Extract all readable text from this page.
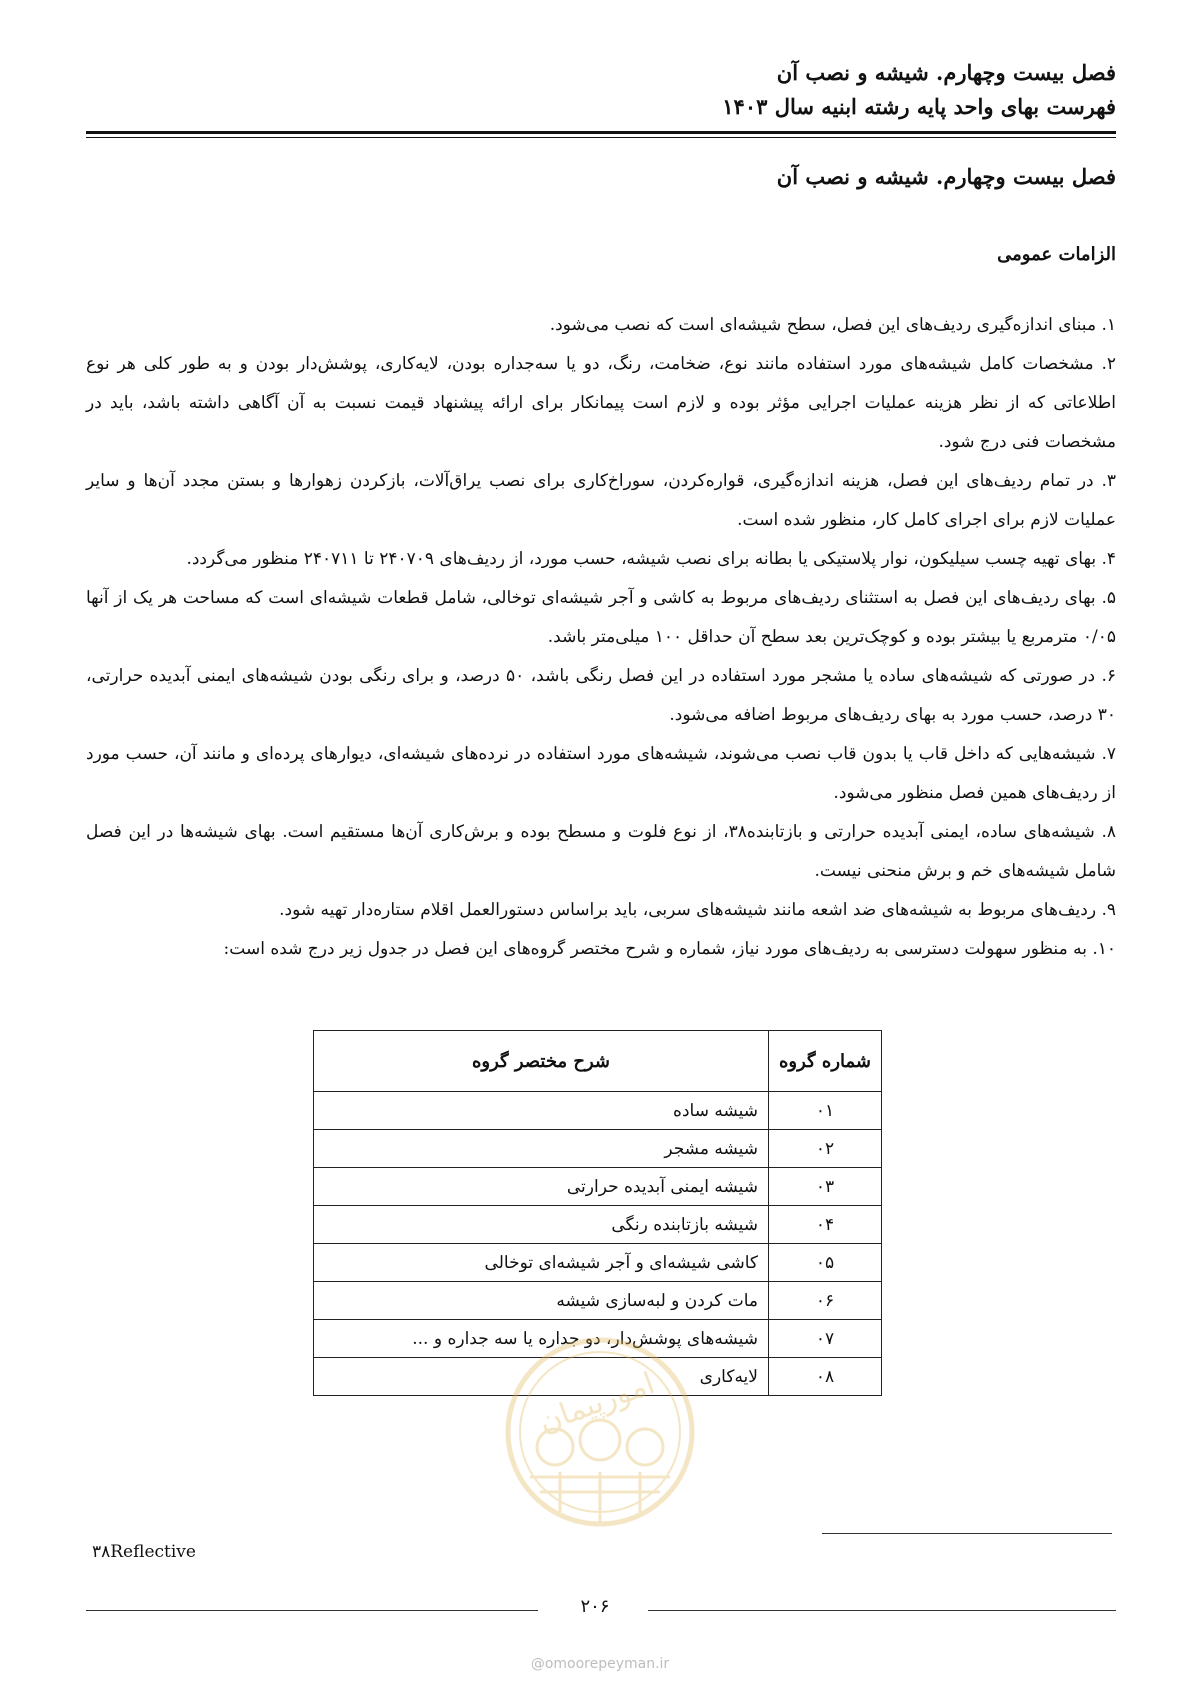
فصل بیست وچهارم. شیشه و نصب آن
فهرست بهای واحد پایه رشته ابنیه سال ۱۴۰۳
فصل بیست وچهارم. شیشه و نصب آن
الزامات عمومی
۱. مبنای اندازه‌گیری ردیف‌های این فصل، سطح شیشه‌ای است که نصب می‌شود.
۲. مشخصات کامل شیشه‌های مورد استفاده مانند نوع، ضخامت، رنگ، دو یا سه‌جداره بودن، لایه‌کاری، پوشش‌دار بودن و به طور کلی هر نوع اطلاعاتی که از نظر هزینه عملیات اجرایی مؤثر بوده و لازم است پیمانکار برای ارائه پیشنهاد قیمت نسبت به آن آگاهی داشته باشد، باید در مشخصات فنی درج شود.
۳. در تمام ردیف‌های این فصل، هزینه اندازه‌گیری، قواره‌کردن، سوراخ‌کاری برای نصب یراق‌آلات، بازکردن زهوارها و بستن مجدد آن‌ها و سایر عملیات لازم برای اجرای کامل کار، منظور شده است.
۴. بهای تهیه چسب سیلیکون، نوار پلاستیکی یا بطانه برای نصب شیشه، حسب مورد، از ردیف‌های ۲۴۰۷۰۹ تا ۲۴۰۷۱۱ منظور می‌گردد.
۵. بهای ردیف‌های این فصل به استثنای ردیف‌های مربوط به کاشی و آجر شیشه‌ای توخالی، شامل قطعات شیشه‌ای است که مساحت هر یک از آنها ۰/۰۵ مترمربع یا بیشتر بوده و کوچک‌ترین بعد سطح آن حداقل ۱۰۰ میلی‌متر باشد.
۶. در صورتی که شیشه‌های ساده یا مشجر مورد استفاده در این فصل رنگی باشد، ۵۰ درصد، و برای رنگی بودن شیشه‌های ایمنی آبدیده حرارتی، ۳۰ درصد، حسب مورد به بهای ردیف‌های مربوط اضافه می‌شود.
۷. شیشه‌هایی که داخل قاب یا بدون قاب نصب می‌شوند، شیشه‌های مورد استفاده در نرده‌های شیشه‌ای، دیوارهای پرده‌ای و مانند آن، حسب مورد از ردیف‌های همین فصل منظور می‌شود.
۸. شیشه‌های ساده، ایمنی آبدیده حرارتی و بازتابنده۳۸، از نوع فلوت و مسطح بوده و برش‌کاری آن‌ها مستقیم است. بهای شیشه‌ها در این فصل شامل شیشه‌های خم و برش منحنی نیست.
۹. ردیف‌های مربوط به شیشه‌های ضد اشعه مانند شیشه‌های سربی، باید براساس دستورالعمل اقلام ستاره‌دار تهیه شود.
۱۰. به منظور سهولت دسترسی به ردیف‌های مورد نیاز، شماره و شرح مختصر گروه‌های این فصل در جدول زیر درج شده است:
شماره گروه	شرح مختصر گروه
۰۱	شیشه ساده
۰۲	شیشه مشجر
۰۳	شیشه ایمنی آبدیده حرارتی
۰۴	شیشه بازتابنده رنگی
۰۵	کاشی شیشه‌ای و آجر شیشه‌ای توخالی
۰۶	مات کردن و لبه‌سازی شیشه
۰۷	شیشه‌های پوشش‌دار، دو جداره یا سه جداره و ...
۰۸	لایه‌کاری
امورپیمان
۳۸Reflective
۲۰۶
@omoorepeyman.ir
